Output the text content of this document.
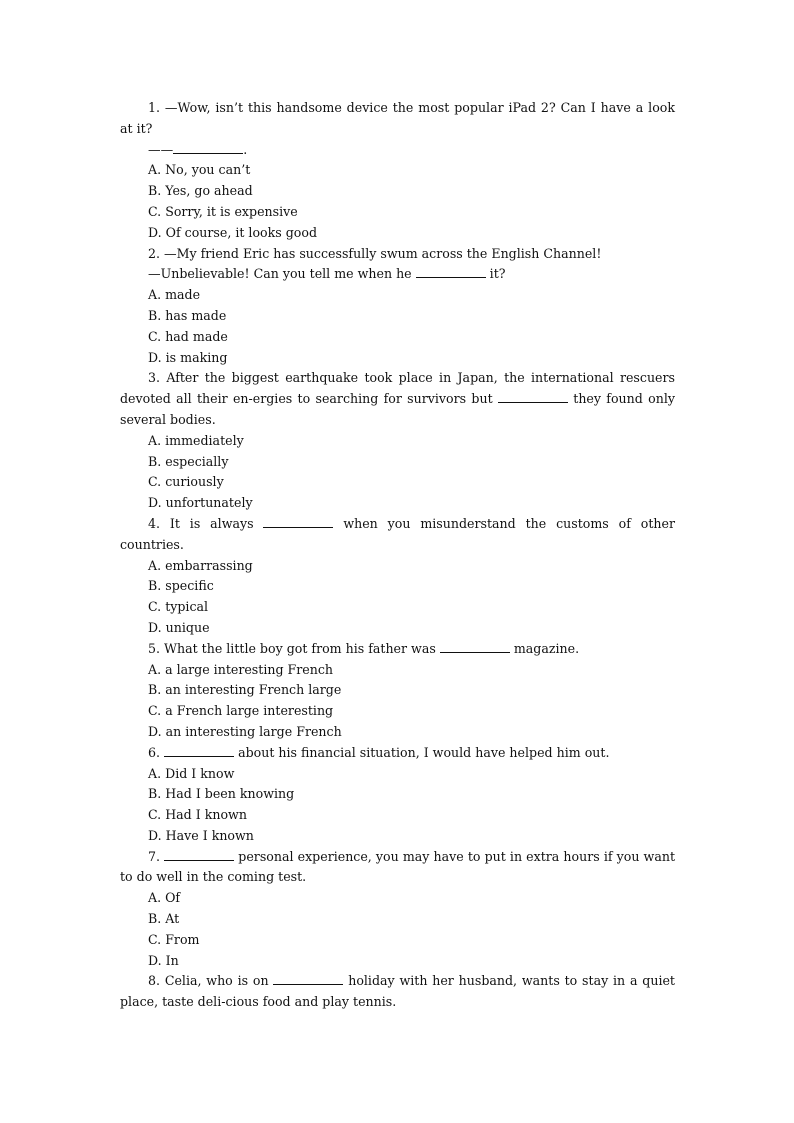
1. —Wow, isn’t this handsome device the most popular iPad 2? Can I have a look at it?

——	.

A. No, you can’t

B. Yes, go ahead

C. Sorry, it is expensive

D. Of course, it looks good

2. —My friend Eric has successfully swum across the English Channel!

—Unbelievable! Can you tell me when he	it?

A. made

B. has made

C. had made

D. is making

3. After the biggest earthquake took place in Japan, the international rescuers devoted all their en-ergies to searching for survivors but	they found only several bodies.

A. immediately

B. especially

C. curiously

D. unfortunately

4. It is always	when you misunderstand the customs of other countries.

A. embarrassing

B. specific

C. typical

D. unique

5. What the little boy got from his father was	magazine.

A. a large interesting French

B. an interesting French large

C. a French large interesting

D. an interesting large French

6.	about his financial situation, I would have helped him out.

A. Did I know

B. Had I been knowing

C. Had I known

D. Have I known

7.	personal experience, you may have to put in extra hours if you want to do well in the coming test.

A. Of

B. At

C. From

D. In

8. Celia, who is on	holiday with her husband, wants to stay in a quiet place, taste deli-cious food and play tennis.
